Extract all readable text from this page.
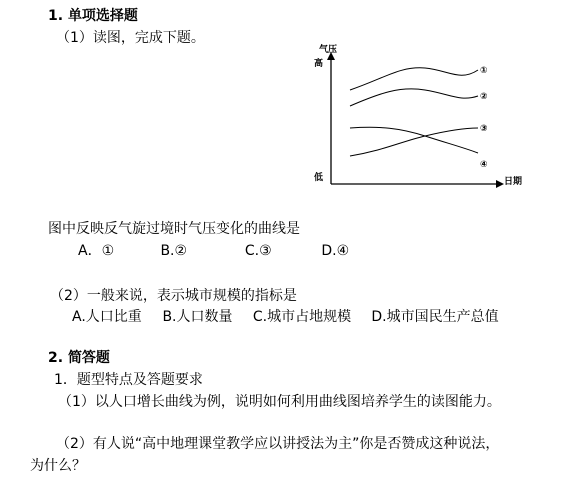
1. 单项选择题
（1）读图，完成下题。
气压
高
低	日期
①
②
③
④
图中反映反气旋过境时气压变化的曲线是
A．①	B.②	C.③	D.④
（2）一般来说，表示城市规模的指标是
A.人口比重 B.人口数量 C.城市占地规模 D.城市国民生产总值
2. 简答题
1．题型特点及答题要求
（1）以人口增长曲线为例，说明如何利用曲线图培养学生的读图能力。
（2）有人说“高中地理课堂教学应以讲授法为主”你是否赞成这种说法，
为什么？
